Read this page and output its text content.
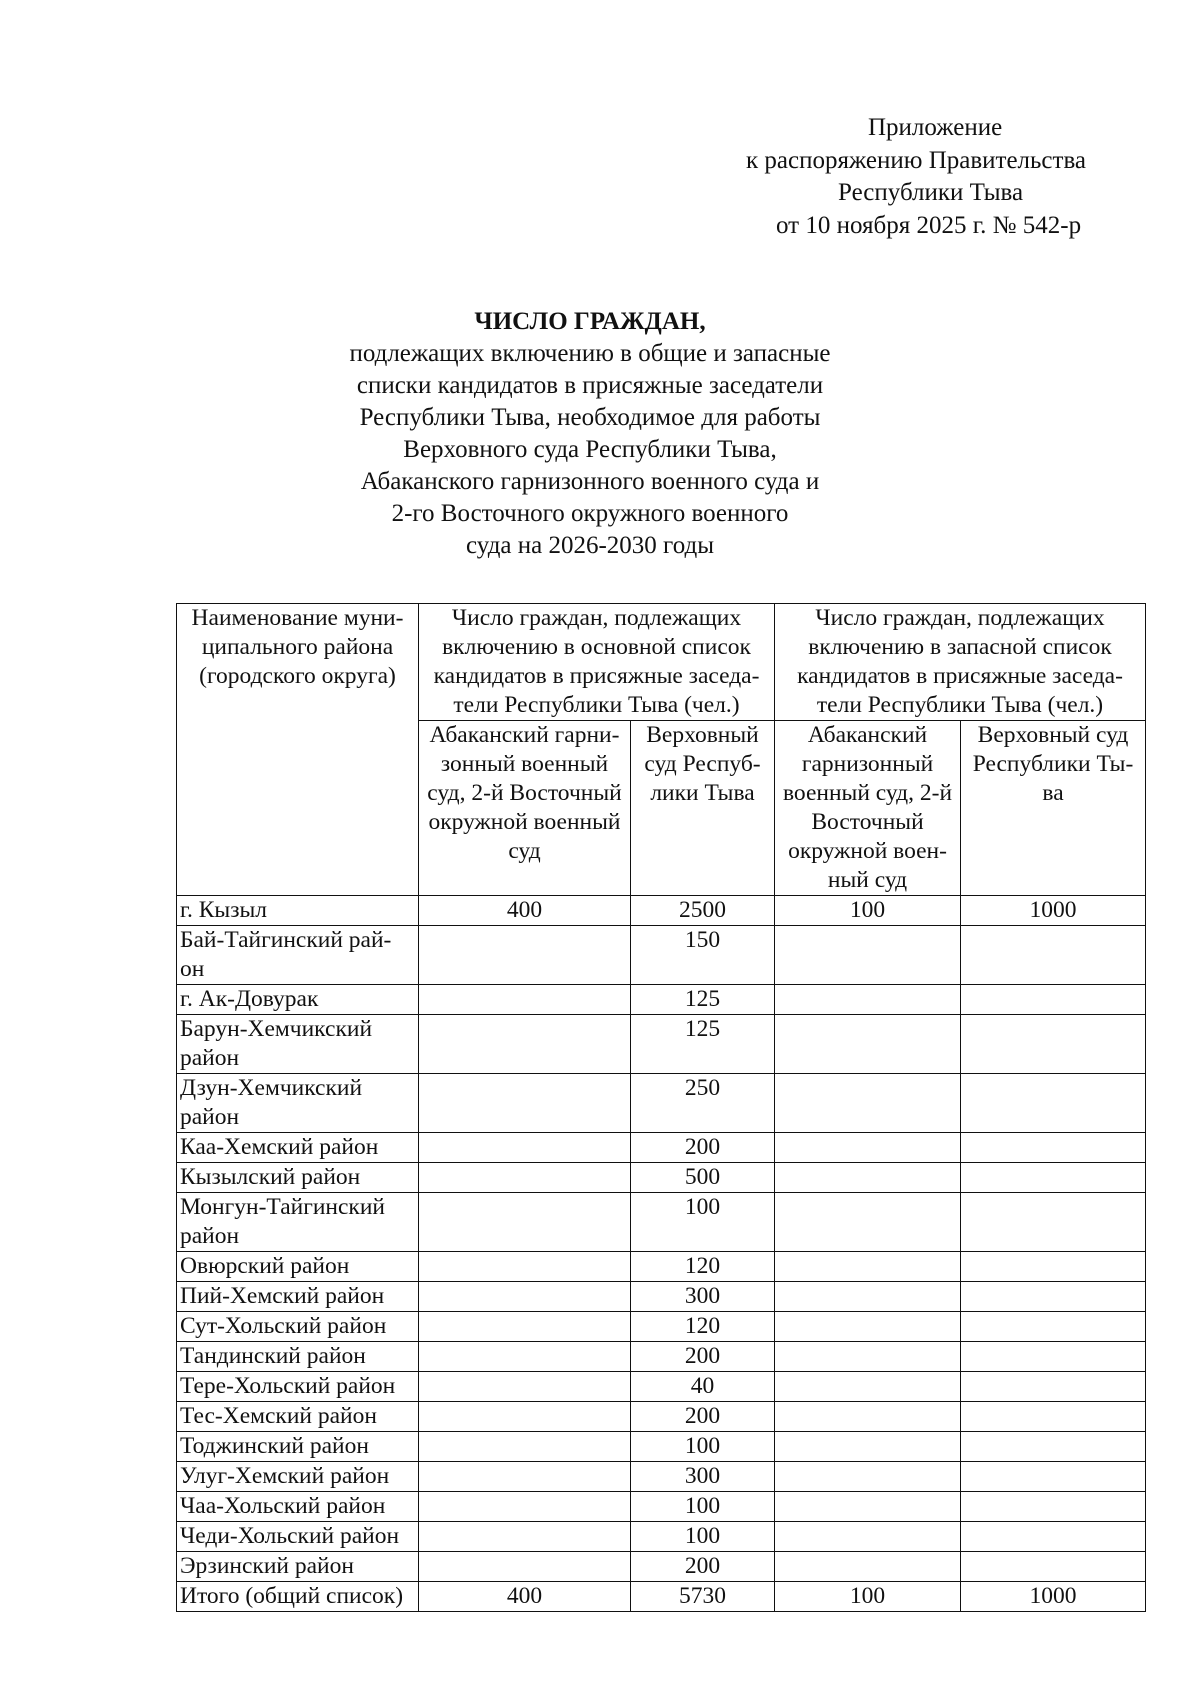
Приложение
к распоряжению Правительства
Республики Тыва
от 10 ноября 2025 г. № 542-р
ЧИСЛО ГРАЖДАН,
подлежащих включению в общие и запасные
списки кандидатов в присяжные заседатели
Республики Тыва, необходимое для работы
Верховного суда Республики Тыва,
Абаканского гарнизонного военного суда и
2-го Восточного окружного военного
суда на 2026-2030 годы
Наименование муни-ципального района (городского округа)	Число граждан, подлежащих включению в основной список кандидатов в присяжные заседа-тели Республики Тыва (чел.)		Число граждан, подлежащих включению в запасной список кандидатов в присяжные заседа-тели Республики Тыва (чел.)	
	Абаканский гарни-зонный военный суд, 2-й Восточный окружной военный суд	Верховный суд Респуб-лики Тыва	Абаканский гарнизонный военный суд, 2-й Восточный окружной воен-ный суд	Верховный суд Республики Ты-ва
г. Кызыл	400	2500	100	1000
Бай-Тайгинский рай-он		150		
г. Ак-Довурак		125		
Барун-Хемчикский район		125		
Дзун-Хемчикский район		250		
Каа-Хемский район		200		
Кызылский район		500		
Монгун-Тайгинский район		100		
Овюрский район		120		
Пий-Хемский район		300		
Сут-Хольский район		120		
Тандинский район		200		
Тере-Хольский район		40		
Тес-Хемский район		200		
Тоджинский район		100		
Улуг-Хемский район		300		
Чаа-Хольский район		100		
Чеди-Хольский район		100		
Эрзинский район		200		
Итого (общий список)	400	5730	100	1000
